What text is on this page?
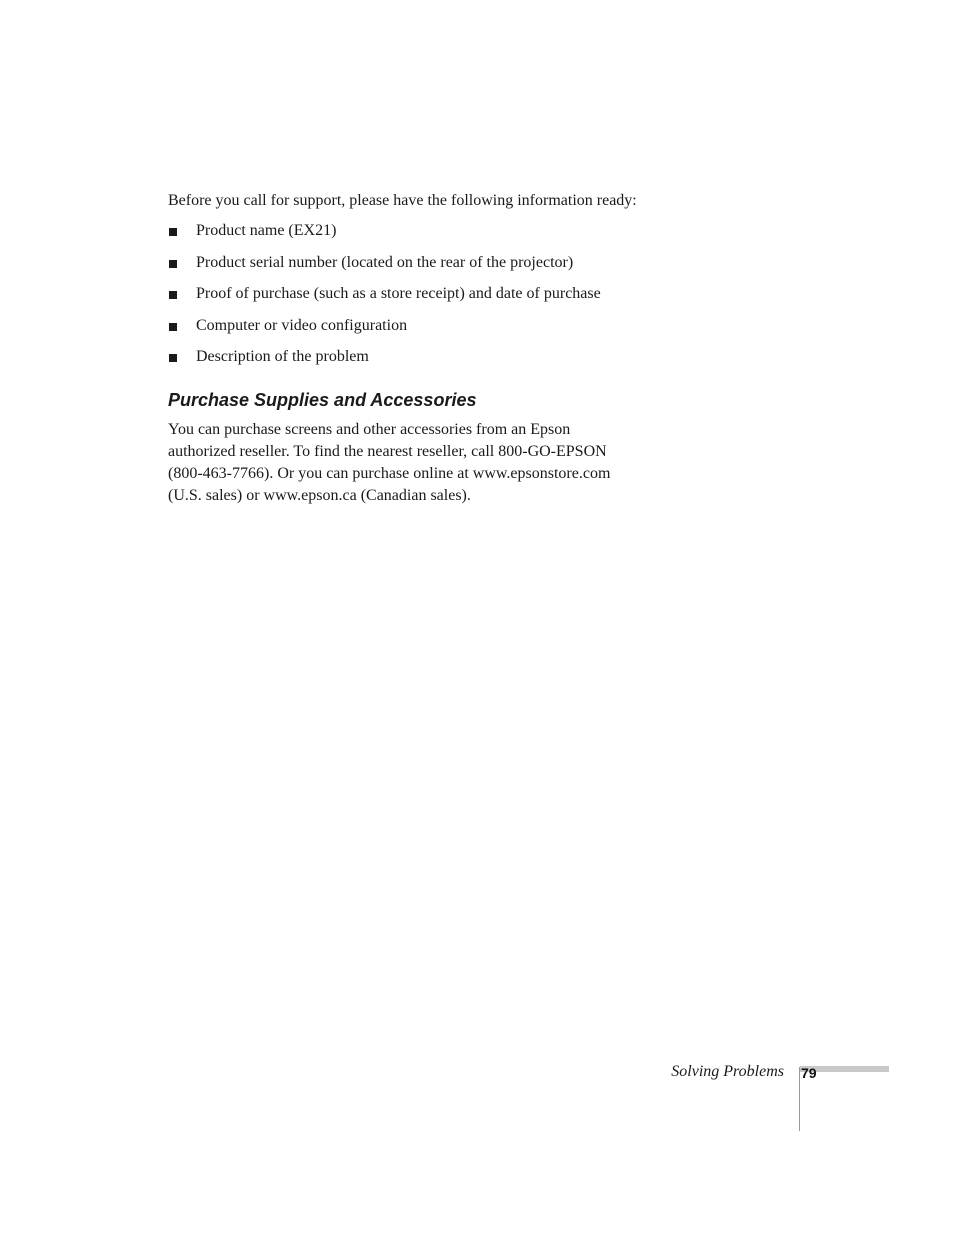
Before you call for support, please have the following information ready:

Product name (EX21)
Product serial number (located on the rear of the projector)
Proof of purchase (such as a store receipt) and date of purchase
Computer or video configuration
Description of the problem
Purchase Supplies and Accessories

You can purchase screens and other accessories from an Epson authorized reseller. To find the nearest reseller, call 800-GO-EPSON (800-463-7766). Or you can purchase online at www.epsonstore.com (U.S. sales) or www.epson.ca (Canadian sales).

Solving Problems 79
